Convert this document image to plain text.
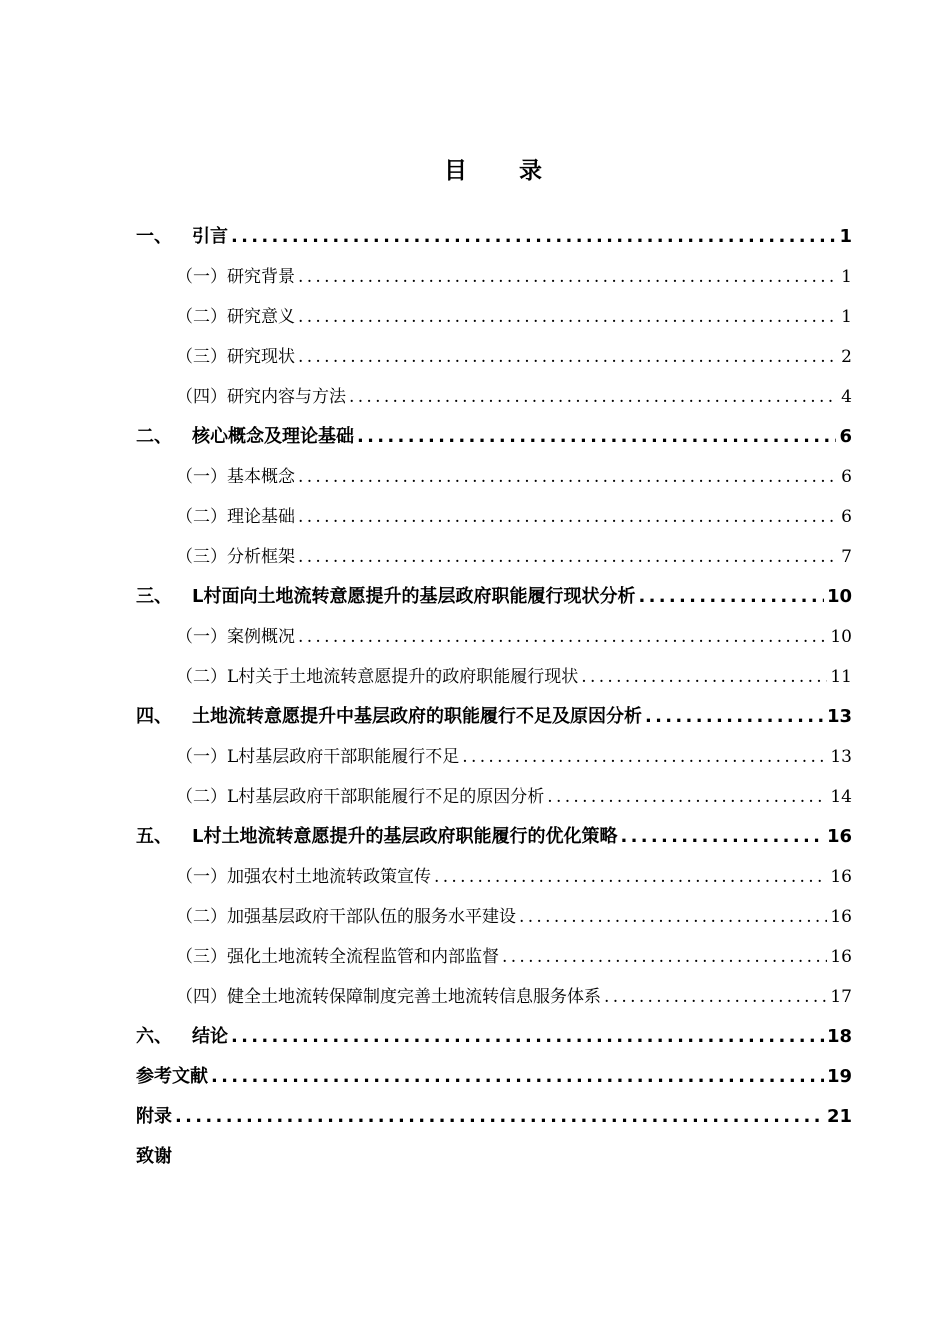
目 录
一、	引言 .....	1
（一） 研究背景 .....	1
（二） 研究意义 .....	1
（三） 研究现状 .....	2
（四） 研究内容与方法 .....	4
二、	核心概念及理论基础 .....	6
（一） 基本概念 .....	6
（二） 理论基础 .....	6
（三） 分析框架 .....	7
三、	L村面向土地流转意愿提升的基层政府职能履行现状分析 .....	10
（一） 案例概况 .....	10
（二） L村关于土地流转意愿提升的政府职能履行现状 .....	11
四、	土地流转意愿提升中基层政府的职能履行不足及原因分析 .....	13
（一） L村基层政府干部职能履行不足 .....	13
（二） L村基层政府干部职能履行不足的原因分析 .....	14
五、	L村土地流转意愿提升的基层政府职能履行的优化策略 .....	16
（一） 加强农村土地流转政策宣传 .....	16
（二） 加强基层政府干部队伍的服务水平建设 .....	16
（三） 强化土地流转全流程监管和内部监督 .....	16
（四） 健全土地流转保障制度完善土地流转信息服务体系 .....	17
六、	结论 .....	18
参考文献 .....	19
附录 .....	21
致谢
